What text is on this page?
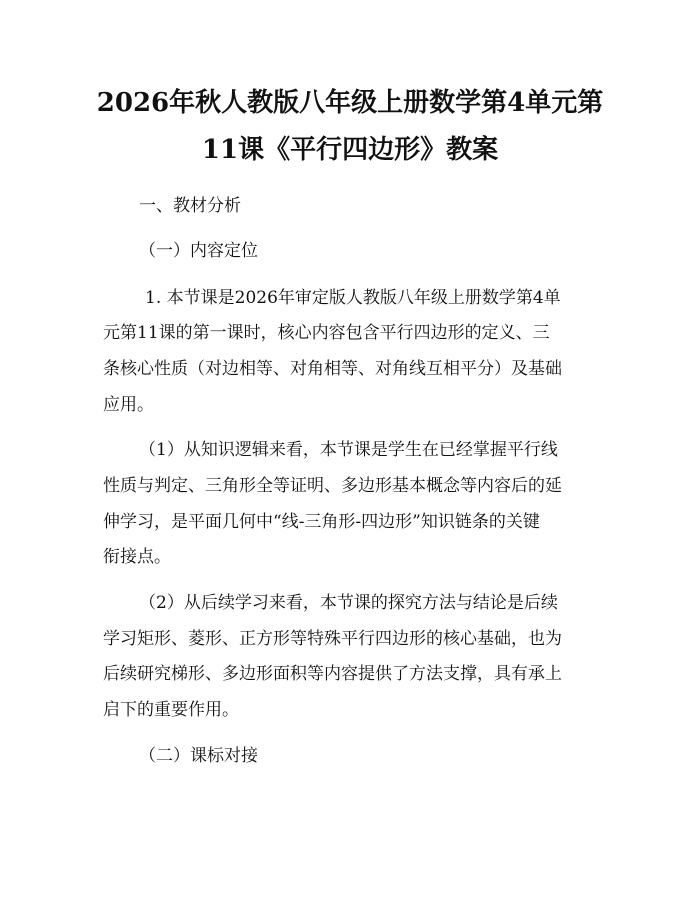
2026年秋人教版八年级上册数学第4单元第
11课《平行四边形》教案
一、教材分析
（一）内容定位
1. 本节课是2026年审定版人教版八年级上册数学第4单
元第11课的第一课时，核心内容包含平行四边形的定义、三
条核心性质（对边相等、对角相等、对角线互相平分）及基础
应用。
（1）从知识逻辑来看，本节课是学生在已经掌握平行线
性质与判定、三角形全等证明、多边形基本概念等内容后的延
伸学习，是平面几何中“线-三角形-四边形”知识链条的关键
衔接点。
（2）从后续学习来看，本节课的探究方法与结论是后续
学习矩形、菱形、正方形等特殊平行四边形的核心基础，也为
后续研究梯形、多边形面积等内容提供了方法支撑，具有承上
启下的重要作用。
（二）课标对接
